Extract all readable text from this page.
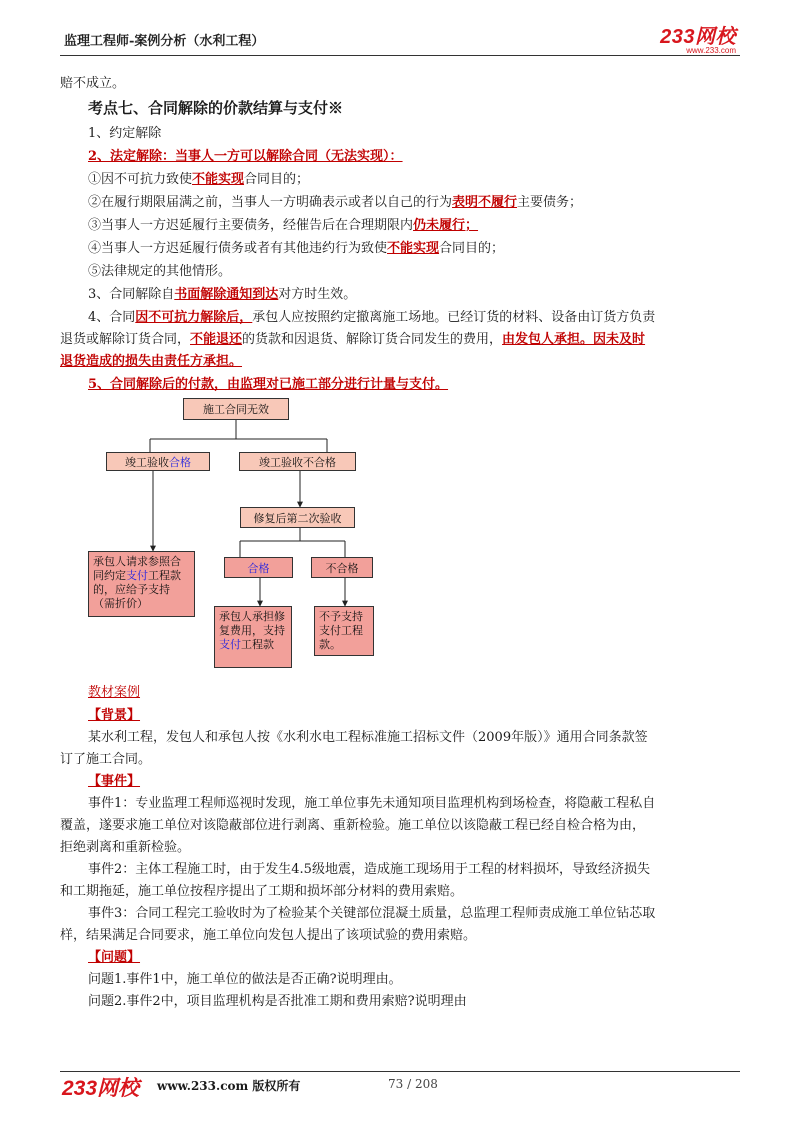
监理工程师-案例分析（水利工程）	233网校
www.233.com
赔不成立。
考点七、合同解除的价款结算与支付※
1、约定解除
2、法定解除：当事人一方可以解除合同（无法实现）：
①因不可抗力致使不能实现合同目的；
②在履行期限届满之前，当事人一方明确表示或者以自己的行为表明不履行主要债务；
③当事人一方迟延履行主要债务，经催告后在合理期限内仍未履行；
④当事人一方迟延履行债务或者有其他违约行为致使不能实现合同目的；
⑤法律规定的其他情形。
3、合同解除自书面解除通知到达对方时生效。
4、合同因不可抗力解除后，承包人应按照约定撤离施工场地。已经订货的材料、设备由订货方负责
退货或解除订货合同，不能退还的货款和因退货、解除订货合同发生的费用，由发包人承担。因未及时
退货造成的损失由责任方承担。
5、合同解除后的付款，由监理对已施工部分进行计量与支付。
施工合同无效
竣工验收 合格	竣工验收不合格
修复后第二次验收
合格	不合格
承包人请求参照合同约定支付工程款的，应给予支持（需折价）
承包人承担修复费用，支持支付工程款
不予支持支付工程款。
教材案例
【背景】
某水利工程，发包人和承包人按《水利水电工程标准施工招标文件（2009年版）》通用合同条款签
订了施工合同。
【事件】
事件1：专业监理工程师巡视时发现，施工单位事先未通知项目监理机构到场检查，将隐蔽工程私自
覆盖，遂要求施工单位对该隐蔽部位进行剥离、重新检验。施工单位以该隐蔽工程已经自检合格为由，
拒绝剥离和重新检验。
事件2：主体工程施工时，由于发生4.5级地震，造成施工现场用于工程的材料损坏，导致经济损失
和工期拖延，施工单位按程序提出了工期和损坏部分材料的费用索赔。
事件3：合同工程完工验收时为了检验某个关键部位混凝土质量，总监理工程师责成施工单位钻芯取
样，结果满足合同要求，施工单位向发包人提出了该项试验的费用索赔。
【问题】
问题1.事件1中，施工单位的做法是否正确?说明理由。
问题2.事件2中，项目监理机构是否批准工期和费用索赔?说明理由
233网校 www.233.com 版权所有	73 / 208
